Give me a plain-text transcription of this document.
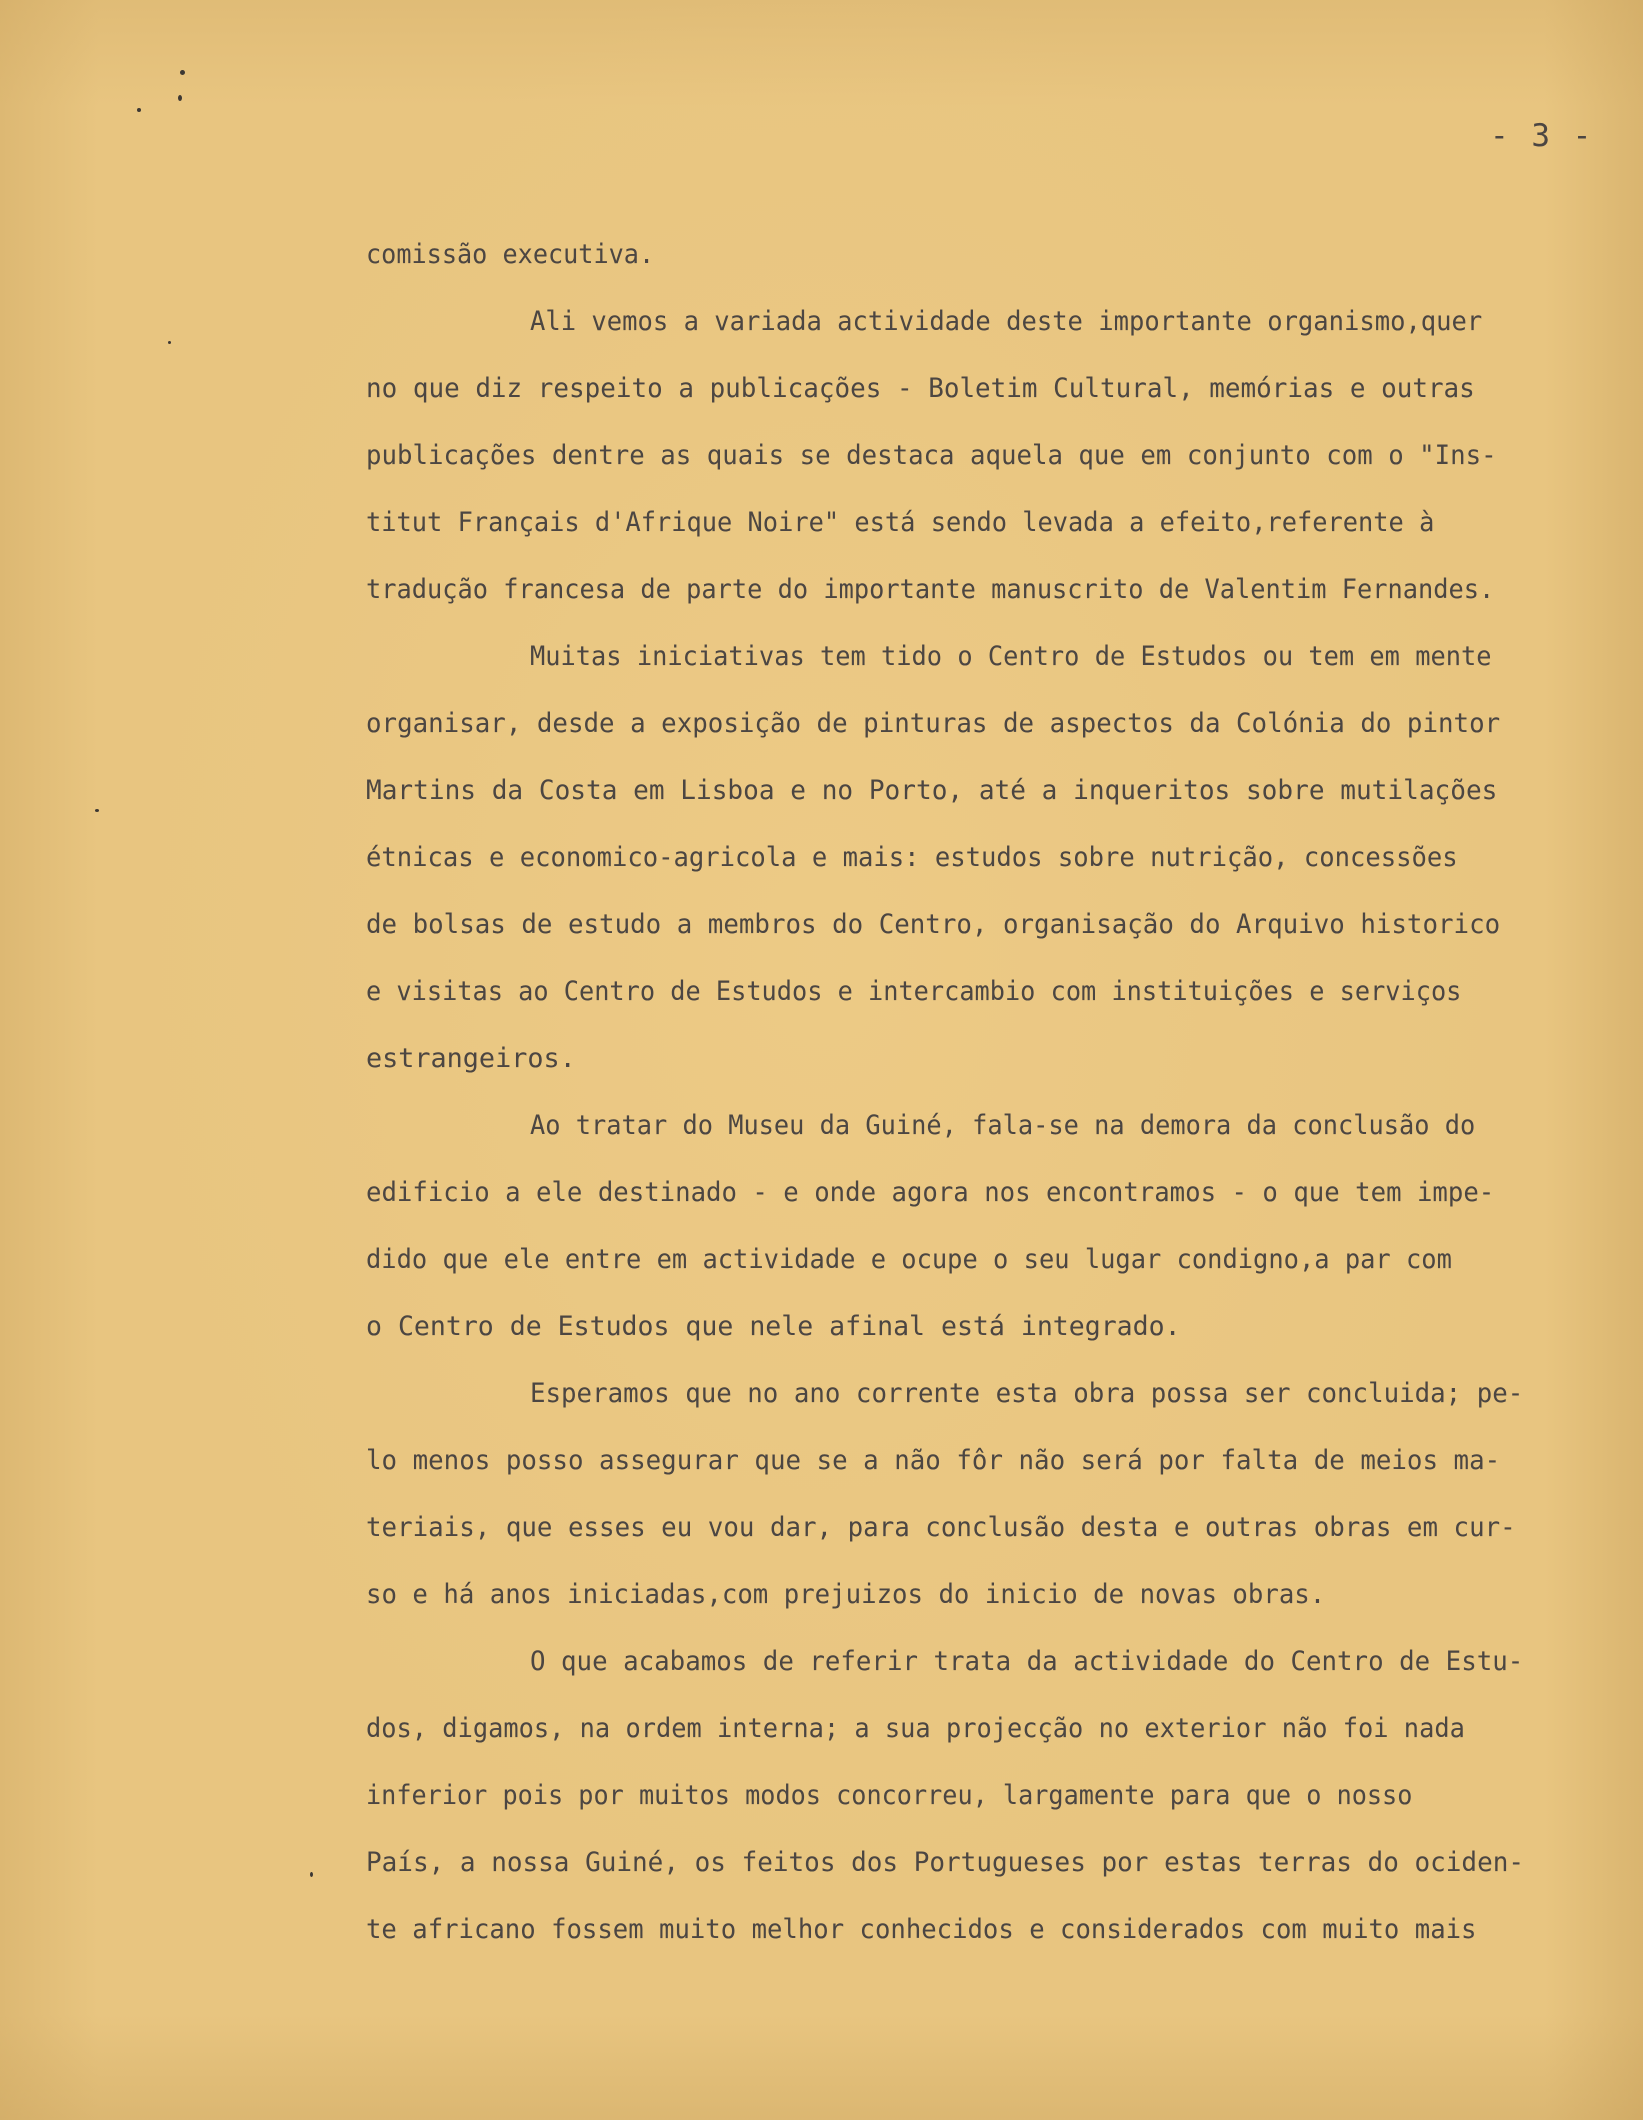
- 3 -
comissão executiva.
Ali vemos a variada actividade deste importante organismo,quer
no que diz respeito a publicações - Boletim Cultural, memórias e outras
publicações dentre as quais se destaca aquela que em conjunto com o "Ins-
titut Français d'Afrique Noire" está sendo levada a efeito,referente à
tradução francesa de parte do importante manuscrito de Valentim Fernandes.
Muitas iniciativas tem tido o Centro de Estudos ou tem em mente
organisar, desde a exposição de pinturas de aspectos da Colónia do pintor
Martins da Costa em Lisboa e no Porto, até a inqueritos sobre mutilações
étnicas e economico-agricola e mais: estudos sobre nutrição, concessões
de bolsas de estudo a membros do Centro, organisação do Arquivo historico
e visitas ao Centro de Estudos e intercambio com instituições e serviços
estrangeiros.
Ao tratar do Museu da Guiné, fala-se na demora da conclusão do
edificio a ele destinado - e onde agora nos encontramos - o que tem impe-
dido que ele entre em actividade e ocupe o seu lugar condigno,a par com
o Centro de Estudos que nele afinal está integrado.
Esperamos que no ano corrente esta obra possa ser concluida; pe-
lo menos posso assegurar que se a não fôr não será por falta de meios ma-
teriais, que esses eu vou dar, para conclusão desta e outras obras em cur-
so e há anos iniciadas,com prejuizos do inicio de novas obras.
O que acabamos de referir trata da actividade do Centro de Estu-
dos, digamos, na ordem interna; a sua projecção no exterior não foi nada
inferior pois por muitos modos concorreu, largamente para que o nosso
País, a nossa Guiné, os feitos dos Portugueses por estas terras do ociden-
te africano fossem muito melhor conhecidos e considerados com muito mais
